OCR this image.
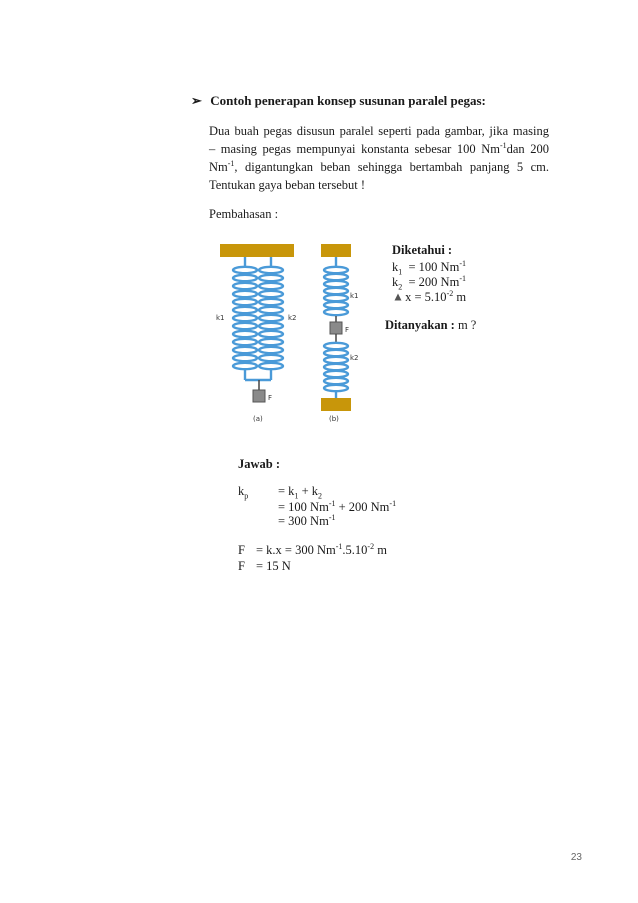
➢ Contoh penerapan konsep susunan paralel pegas:
Dua buah pegas disusun paralel seperti pada gambar, jika masing
– masing pegas mempunyai konstanta sebesar 100 $Nm^{-1}dan$ 200
$Nm^{-1}$, digantungkan beban sehingga bertambah panjang 5 cm.
Tentukan gaya beban tersebut !
Pembahasan :
k1	k2
F
(a)
k1
F
k2
(b)
Diketahui :
$k_1 = 100$ $Nm^{-1}$
$k_2 = 200$ $Nm^{-1}$
$x = 5.10^{-2}$ m
Ditanyakan : m ?
Jawab :
$k_p = k_1 + k_2$
= 100 $Nm^{-1} + 200$ $Nm^{-1}$
= 300 $Nm^{-1}$
F = k.x = 300 $Nm^{-1}.5.10^{-2}$ m
F = 15 N
23
